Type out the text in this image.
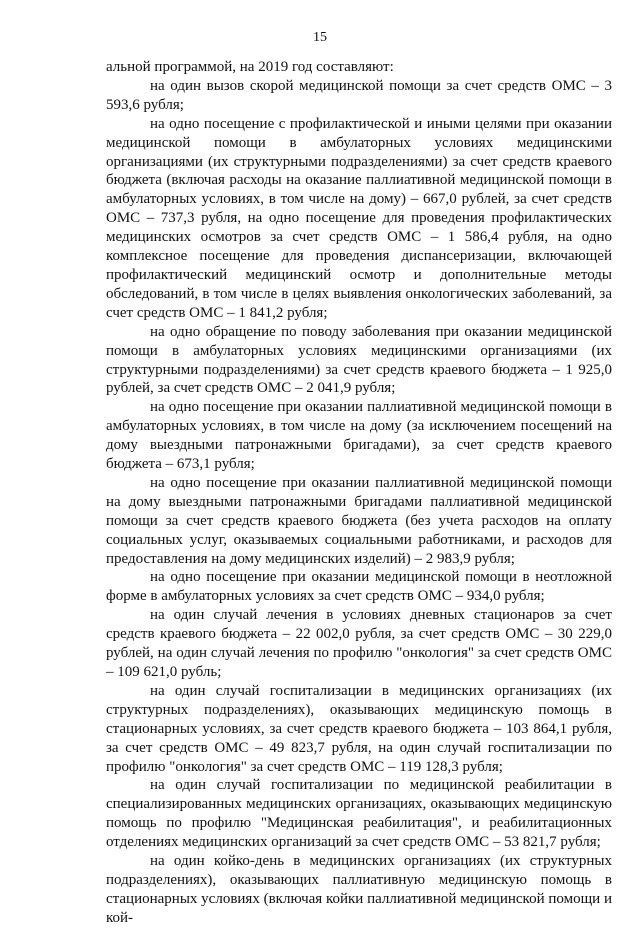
15

альной программой, на 2019 год составляют:

на один вызов скорой медицинской помощи за счет средств ОМС – 3 593,6 рубля;

на одно посещение с профилактической и иными целями при оказании медицинской помощи в амбулаторных условиях медицинскими организациями (их структурными подразделениями) за счет средств краевого бюджета (включая расходы на оказание паллиативной медицинской помощи в амбулаторных условиях, в том числе на дому) – 667,0 рублей, за счет средств ОМС – 737,3 рубля, на одно посещение для проведения профилактических медицинских осмотров за счет средств ОМС – 1 586,4 рубля, на одно комплексное посещение для проведения диспансеризации, включающей профилактический медицинский осмотр и дополнительные методы обследований, в том числе в целях выявления онкологических заболеваний, за счет средств ОМС – 1 841,2 рубля;

на одно обращение по поводу заболевания при оказании медицинской помощи в амбулаторных условиях медицинскими организациями (их структурными подразделениями) за счет средств краевого бюджета – 1 925,0 рублей, за счет средств ОМС – 2 041,9 рубля;

на одно посещение при оказании паллиативной медицинской помощи в амбулаторных условиях, в том числе на дому (за исключением посещений на дому выездными патронажными бригадами), за счет средств краевого бюджета – 673,1 рубля;

на одно посещение при оказании паллиативной медицинской помощи на дому выездными патронажными бригадами паллиативной медицинской помощи за счет средств краевого бюджета (без учета расходов на оплату социальных услуг, оказываемых социальными работниками, и расходов для предоставления на дому медицинских изделий) – 2 983,9 рубля;

на одно посещение при оказании медицинской помощи в неотложной форме в амбулаторных условиях за счет средств ОМС – 934,0 рубля;

на один случай лечения в условиях дневных стационаров за счет средств краевого бюджета – 22 002,0 рубля, за счет средств ОМС – 30 229,0 рублей, на один случай лечения по профилю "онкология" за счет средств ОМС – 109 621,0 рубль;

на один случай госпитализации в медицинских организациях (их структурных подразделениях), оказывающих медицинскую помощь в стационарных условиях, за счет средств краевого бюджета – 103 864,1 рубля, за счет средств ОМС – 49 823,7 рубля, на один случай госпитализации по профилю "онкология" за счет средств ОМС – 119 128,3 рубля;

на один случай госпитализации по медицинской реабилитации в специализированных медицинских организациях, оказывающих медицинскую помощь по профилю "Медицинская реабилитация", и реабилитационных отделениях медицинских организаций за счет средств ОМС – 53 821,7 рубля;

на один койко-день в медицинских организациях (их структурных подразделениях), оказывающих паллиативную медицинскую помощь в стационарных условиях (включая койки паллиативной медицинской помощи и кой-
